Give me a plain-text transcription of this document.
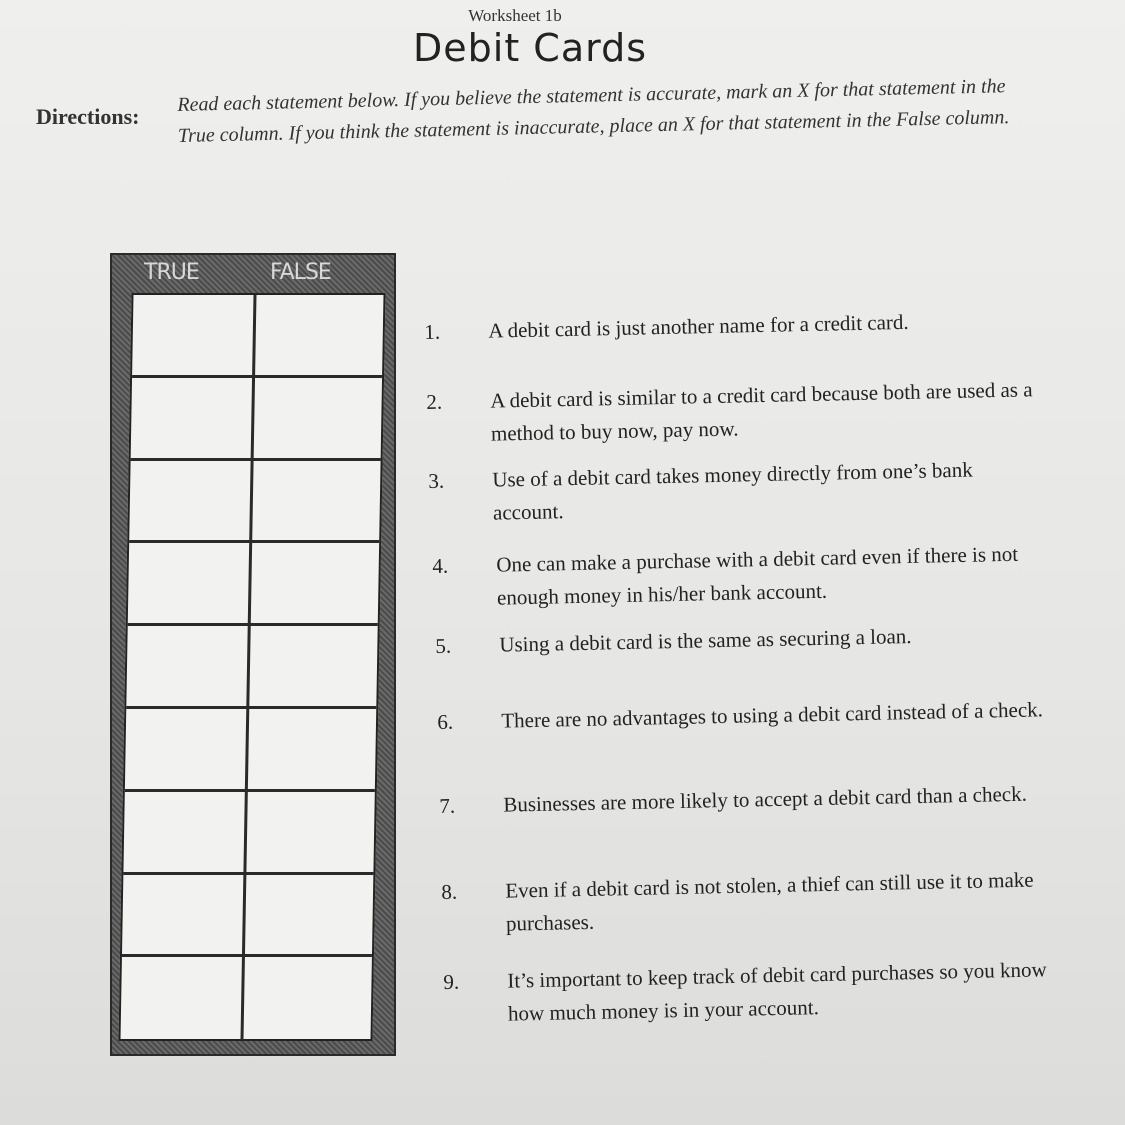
Worksheet 1b
Debit Cards
Directions:
Read each statement below. If you believe the statement is accurate, mark an X for that statement in the True column. If you think the statement is inaccurate, place an X for that statement in the False column.
TRUE	FALSE
1. A debit card is just another name for a credit card.
2. A debit card is similar to a credit card because both are used as a method to buy now, pay now.
3. Use of a debit card takes money directly from one’s bank account.
4. One can make a purchase with a debit card even if there is not enough money in his/her bank account.
5. Using a debit card is the same as securing a loan.
6. There are no advantages to using a debit card instead of a check.
7. Businesses are more likely to accept a debit card than a check.
8. Even if a debit card is not stolen, a thief can still use it to make purchases.
9. It’s important to keep track of debit card purchases so you know how much money is in your account.
